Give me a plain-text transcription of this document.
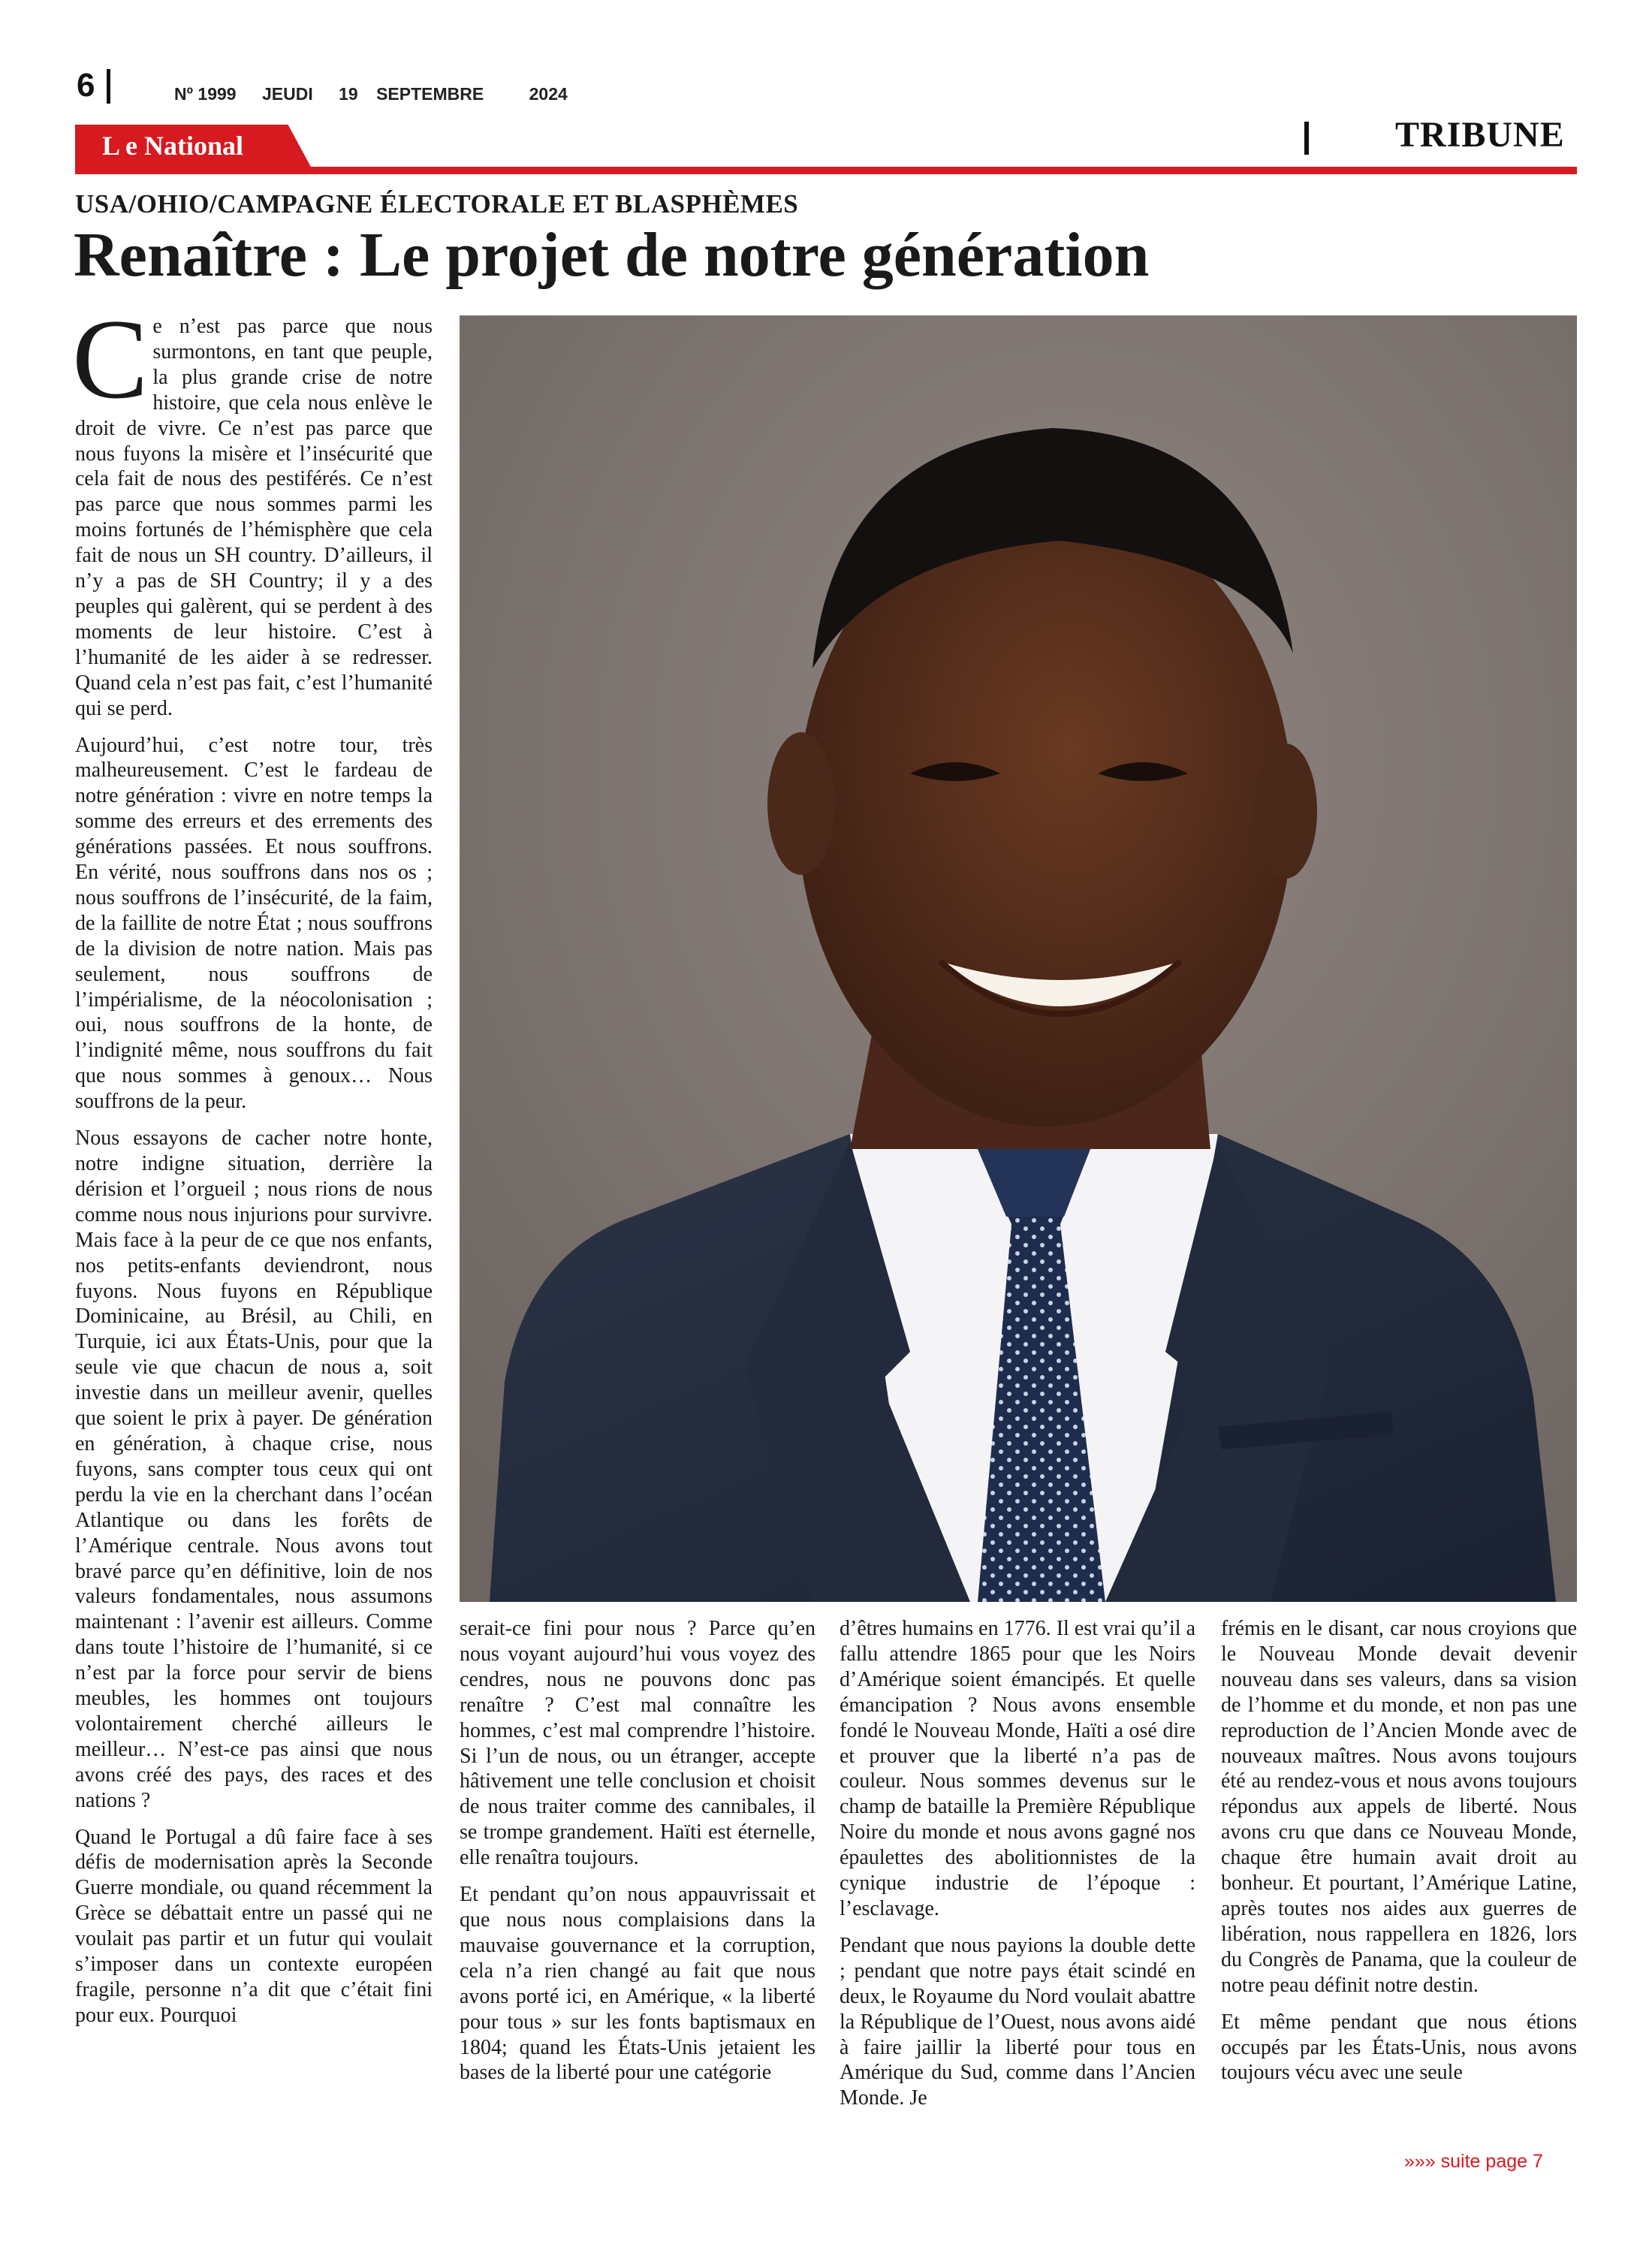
6	Nº 1999 JEUDI 19 SEPTEMBRE	2024
L e National	TRIBUNE
USA/OHIO/CAMPAGNE ÉLECTORALE ET BLASPHÈMES
Renaître : Le projet de notre génération

Ce n’est pas parce que nous surmontons, en tant que peuple, la plus grande crise de notre histoire, que cela nous enlève le droit de vivre. Ce n’est pas parce que nous fuyons la misère et l’insécurité que cela fait de nous des pestiférés. Ce n’est pas parce que nous sommes parmi les moins fortunés de l’hémisphère que cela fait de nous un SH country. D’ailleurs, il n’y a pas de SH Country; il y a des peuples qui galèrent, qui se perdent à des moments de leur histoire. C’est à l’humanité de les aider à se redresser. Quand cela n’est pas fait, c’est l’humanité qui se perd.

Aujourd’hui, c’est notre tour, très malheureusement. C’est le fardeau de notre génération : vivre en notre temps la somme des erreurs et des errements des générations passées. Et nous souffrons. En vérité, nous souffrons dans nos os ; nous souffrons de l’insécurité, de la faim, de la faillite de notre État ; nous souffrons de la division de notre nation. Mais pas seulement, nous souffrons de l’impérialisme, de la néocolonisation ; oui, nous souffrons de la honte, de l’indignité même, nous souffrons du fait que nous sommes à genoux… Nous souffrons de la peur.

Nous essayons de cacher notre honte, notre indigne situation, derrière la dérision et l’orgueil ; nous rions de nous comme nous nous injurions pour survivre. Mais face à la peur de ce que nos enfants, nos petits-enfants deviendront, nous fuyons. Nous fuyons en République Dominicaine, au Brésil, au Chili, en Turquie, ici aux États-Unis, pour que la seule vie que chacun de nous a, soit investie dans un meilleur avenir, quelles que soient le prix à payer. De génération en génération, à chaque crise, nous fuyons, sans compter tous ceux qui ont perdu la vie en la cherchant dans l’océan Atlantique ou dans les forêts de l’Amérique centrale. Nous avons tout bravé parce qu’en définitive, loin de nos valeurs fondamentales, nous assumons maintenant : l’avenir est ailleurs. Comme dans toute l’histoire de l’humanité, si ce n’est par la force pour servir de biens meubles, les hommes ont toujours volontairement cherché ailleurs le meilleur… N’est-ce pas ainsi que nous avons créé des pays, des races et des nations ?

Quand le Portugal a dû faire face à ses défis de modernisation après la Seconde Guerre mondiale, ou quand récemment la Grèce se débattait entre un passé qui ne voulait pas partir et un futur qui voulait s’imposer dans un contexte européen fragile, personne n’a dit que c’était fini pour eux. Pourquoi

serait-ce fini pour nous ? Parce qu’en nous voyant aujourd’hui vous voyez des cendres, nous ne pouvons donc pas renaître ? C’est mal connaître les hommes, c’est mal comprendre l’histoire. Si l’un de nous, ou un étranger, accepte hâtivement une telle conclusion et choisit de nous traiter comme des cannibales, il se trompe grandement. Haïti est éternelle, elle renaîtra toujours.

Et pendant qu’on nous appauvrissait et que nous nous complaisions dans la mauvaise gouvernance et la corruption, cela n’a rien changé au fait que nous avons porté ici, en Amérique, « la liberté pour tous » sur les fonts baptismaux en 1804; quand les États-Unis jetaient les bases de la liberté pour une catégorie

d’êtres humains en 1776. Il est vrai qu’il a fallu attendre 1865 pour que les Noirs d’Amérique soient émancipés. Et quelle émancipation ? Nous avons ensemble fondé le Nouveau Monde, Haïti a osé dire et prouver que la liberté n’a pas de couleur. Nous sommes devenus sur le champ de bataille la Première République Noire du monde et nous avons gagné nos épaulettes des abolitionnistes de la cynique industrie de l’époque : l’esclavage.

Pendant que nous payions la double dette ; pendant que notre pays était scindé en deux, le Royaume du Nord voulait abattre la République de l’Ouest, nous avons aidé à faire jaillir la liberté pour tous en Amérique du Sud, comme dans l’Ancien Monde. Je

frémis en le disant, car nous croyions que le Nouveau Monde devait devenir nouveau dans ses valeurs, dans sa vision de l’homme et du monde, et non pas une reproduction de l’Ancien Monde avec de nouveaux maîtres. Nous avons toujours été au rendez-vous et nous avons toujours répondus aux appels de liberté. Nous avons cru que dans ce Nouveau Monde, chaque être humain avait droit au bonheur. Et pourtant, l’Amérique Latine, après toutes nos aides aux guerres de libération, nous rappellera en 1826, lors du Congrès de Panama, que la couleur de notre peau définit notre destin.

Et même pendant que nous étions occupés par les États-Unis, nous avons toujours vécu avec une seule

»»» suite page 7
